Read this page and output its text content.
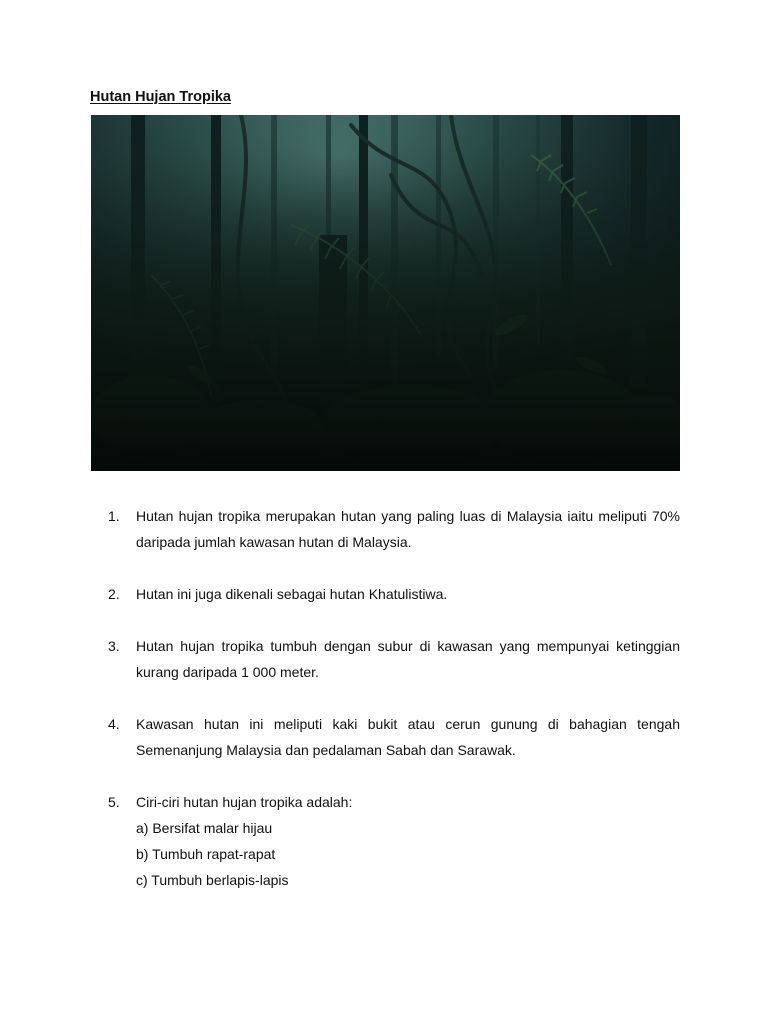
Hutan Hujan Tropika
1. Hutan hujan tropika merupakan hutan yang paling luas di Malaysia iaitu meliputi 70% daripada jumlah kawasan hutan di Malaysia.
2. Hutan ini juga dikenali sebagai hutan Khatulistiwa.
3. Hutan hujan tropika tumbuh dengan subur di kawasan yang mempunyai ketinggian kurang daripada 1 000 meter.
4. Kawasan hutan ini meliputi kaki bukit atau cerun gunung di bahagian tengah Semenanjung Malaysia dan pedalaman Sabah dan Sarawak.
5. Ciri-ciri hutan hujan tropika adalah:
a) Bersifat malar hijau
b) Tumbuh rapat-rapat
c) Tumbuh berlapis-lapis
